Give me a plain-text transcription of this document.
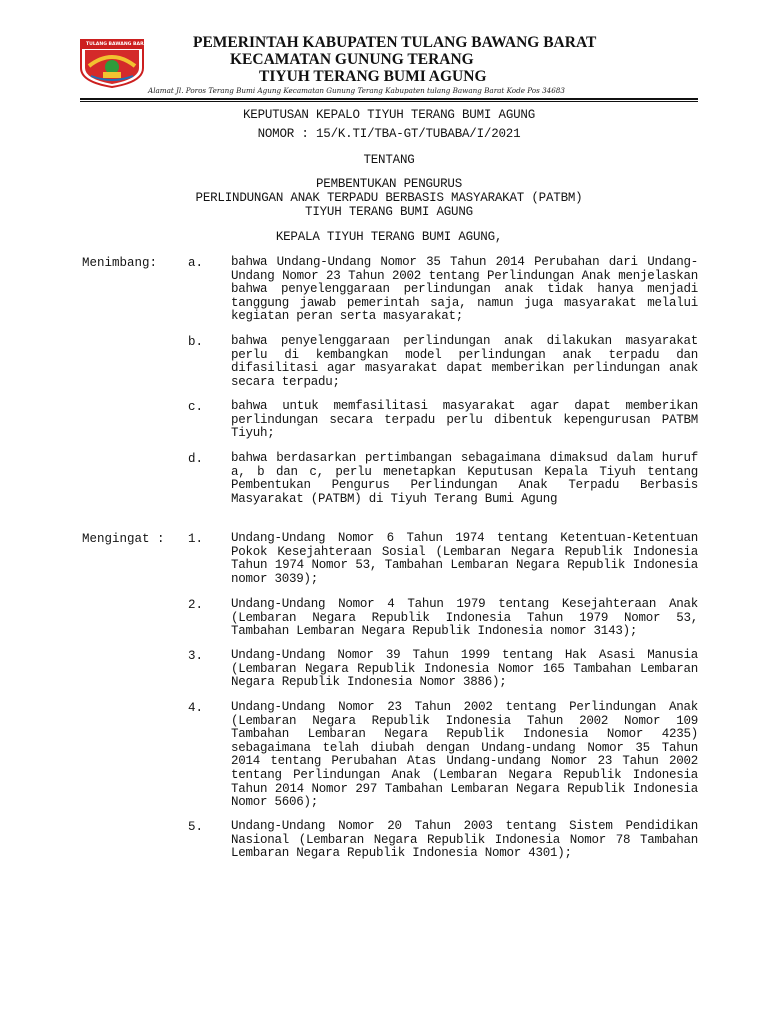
TULANG BAWANG BARAT	PEMERINTAH KABUPATEN TULANG BAWANG BARAT
KECAMATAN GUNUNG TERANG
TIYUH TERANG BUMI AGUNG
Alamat Jl. Poros Terang Bumi Agung Kecamatan Gunung Terang Kabupaten tulang Bawang Barat Kode Pos 34683
KEPUTUSAN KEPALO TIYUH TERANG BUMI AGUNG
NOMOR : 15/K.TI/TBA-GT/TUBABA/I/2021
TENTANG
PEMBENTUKAN PENGURUS
PERLINDUNGAN ANAK TERPADU BERBASIS MASYARAKAT (PATBM)
TIYUH TERANG BUMI AGUNG
KEPALA TIYUH TERANG BUMI AGUNG,
Menimbang: a. bahwa Undang-Undang Nomor 35 Tahun 2014 Perubahan dari Undang-Undang Nomor 23 Tahun 2002 tentang Perlindungan Anak menjelaskan bahwa penyelenggaraan perlindungan anak tidak hanya menjadi tanggung jawab pemerintah saja, namun juga masyarakat melalui kegiatan peran serta masyarakat;
b. bahwa penyelenggaraan perlindungan anak dilakukan masyarakat perlu di kembangkan model perlindungan anak terpadu dan difasilitasi agar masyarakat dapat memberikan perlindungan anak secara terpadu;
c. bahwa untuk memfasilitasi masyarakat agar dapat memberikan perlindungan secara terpadu perlu dibentuk kepengurusan PATBM Tiyuh;
d. bahwa berdasarkan pertimbangan sebagaimana dimaksud dalam huruf a, b dan c, perlu menetapkan Keputusan Kepala Tiyuh tentang Pembentukan Pengurus Perlindungan Anak Terpadu Berbasis Masyarakat (PATBM) di Tiyuh Terang Bumi Agung
Mengingat : 1. Undang-Undang Nomor 6 Tahun 1974 tentang Ketentuan-Ketentuan Pokok Kesejahteraan Sosial (Lembaran Negara Republik Indonesia Tahun 1974 Nomor 53, Tambahan Lembaran Negara Republik Indonesia nomor 3039);
2. Undang-Undang Nomor 4 Tahun 1979 tentang Kesejahteraan Anak (Lembaran Negara Republik Indonesia Tahun 1979 Nomor 53, Tambahan Lembaran Negara Republik Indonesia nomor 3143);
3. Undang-Undang Nomor 39 Tahun 1999 tentang Hak Asasi Manusia (Lembaran Negara Republik Indonesia Nomor 165 Tambahan Lembaran Negara Republik Indonesia Nomor 3886);
4. Undang-Undang Nomor 23 Tahun 2002 tentang Perlindungan Anak (Lembaran Negara Republik Indonesia Tahun 2002 Nomor 109 Tambahan Lembaran Negara Republik Indonesia Nomor 4235) sebagaimana telah diubah dengan Undang-undang Nomor 35 Tahun 2014 tentang Perubahan Atas Undang-undang Nomor 23 Tahun 2002 tentang Perlindungan Anak (Lembaran Negara Republik Indonesia Tahun 2014 Nomor 297 Tambahan Lembaran Negara Republik Indonesia Nomor 5606);
5. Undang-Undang Nomor 20 Tahun 2003 tentang Sistem Pendidikan Nasional (Lembaran Negara Republik Indonesia Nomor 78 Tambahan Lembaran Negara Republik Indonesia Nomor 4301);
